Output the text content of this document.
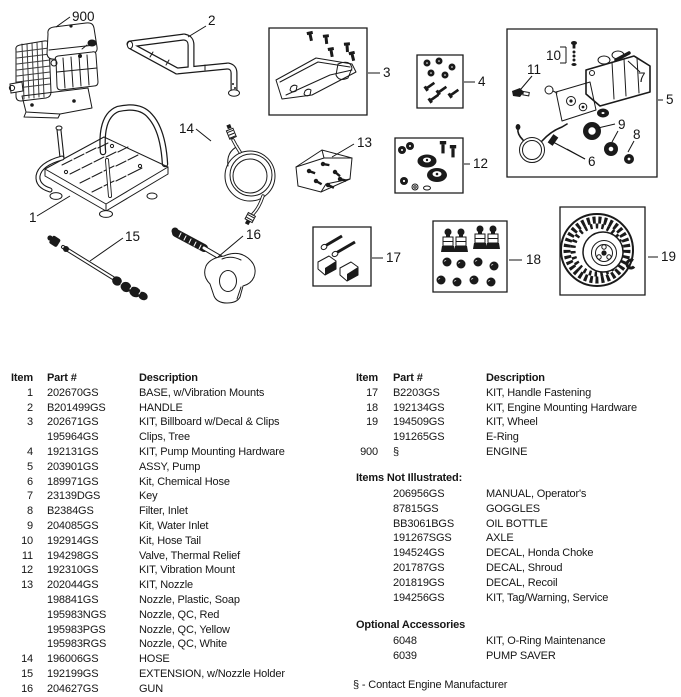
900	2
3
4
5
7
10
11
9
8
6
12
13
14
1
15	16
17	18	19
Item Part #	Description
1 202670GS	BASE, w/Vibration Mounts
2 B201499GS	HANDLE
3 202671GS	KIT, Billboard w/Decal & Clips
195964GS	Clips, Tree
4 192131GS	KIT, Pump Mounting Hardware
5 203901GS	ASSY, Pump
6 189971GS	Kit, Chemical Hose
7 23139DGS	Key
8 B2384GS	Filter, Inlet
9 204085GS	Kit, Water Inlet
10 192914GS	Kit, Hose Tail
11 194298GS	Valve, Thermal Relief
12 192310GS	KIT, Vibration Mount
13 202044GS	KIT, Nozzle
198841GS	Nozzle, Plastic, Soap
195983NGS	Nozzle, QC, Red
195983PGS	Nozzle, QC, Yellow
195983RGS	Nozzle, QC, White
14 196006GS	HOSE
15 192199GS	EXTENSION, w/Nozzle Holder
16 204627GS	GUN
Item Part #	Description
17 B2203GS	KIT, Handle Fastening
18 192134GS	KIT, Engine Mounting Hardware
19 194509GS	KIT, Wheel
191265GS	E-Ring
900 §	ENGINE
Items Not Illustrated:
206956GS	MANUAL, Operator's
87815GS	GOGGLES
BB3061BGS	OIL BOTTLE
191267SGS	AXLE
194524GS	DECAL, Honda Choke
201787GS	DECAL, Shroud
201819GS	DECAL, Recoil
194256GS	KIT, Tag/Warning, Service
Optional Accessories
6048	KIT, O-Ring Maintenance
6039	PUMP SAVER
§ - Contact Engine Manufacturer
